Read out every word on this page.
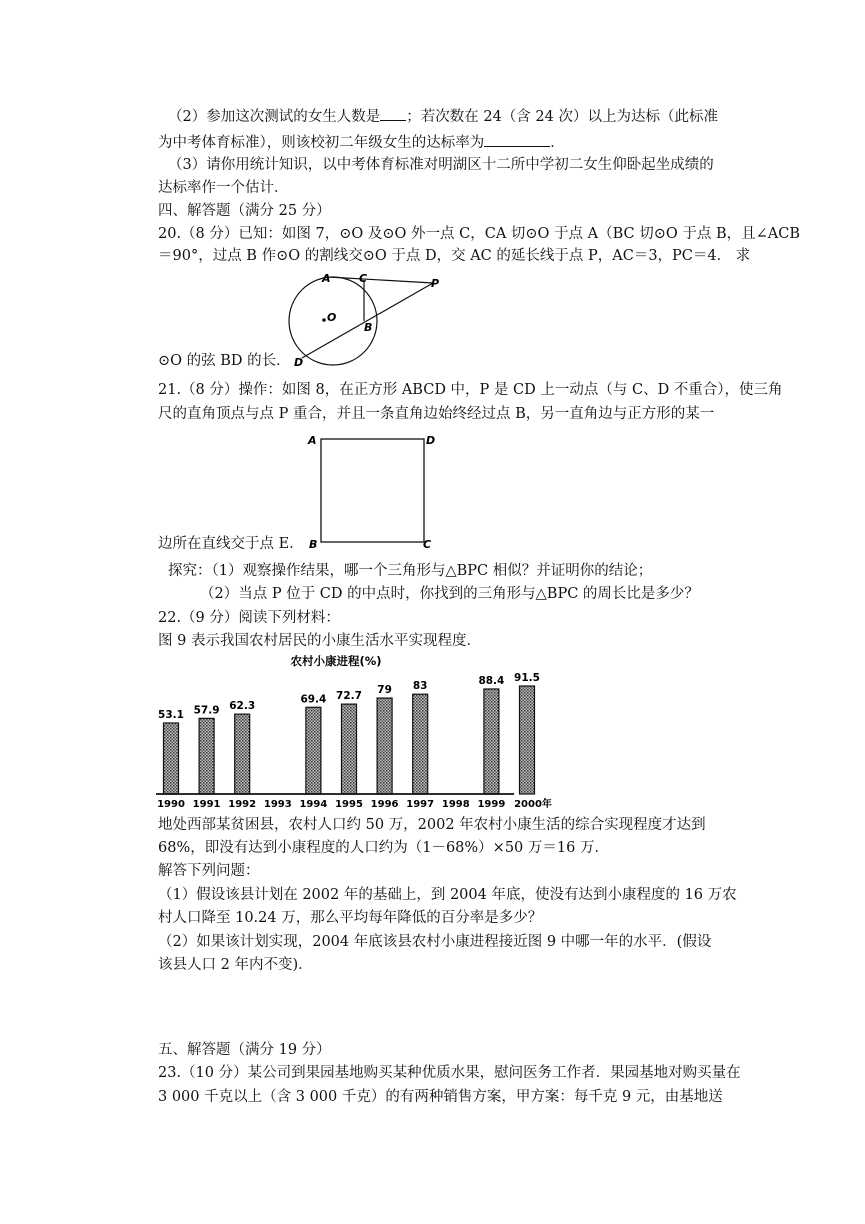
（2）参加这次测试的女生人数是 ；若次数在 24（含 24 次）以上为达标（此标准
为中考体育标准），则该校初二年级女生的达标率为	．
（3）请你用统计知识，以中考体育标准对明湖区十二所中学初二女生仰卧起坐成绩的
达标率作一个估计．
四、解答题（满分 25 分）
20.（8 分）已知：如图 7，⊙O 及⊙O 外一点 C，CA 切⊙O 于点 A（BC 切⊙O 于点 B，且∠ACB
＝90°，过点 B 作⊙O 的割线交⊙O 于点 D，交 AC 的延长线于点 P，AC＝3，PC＝4． 求
A	C	P
O
B
D
⊙O 的弦 BD 的长．
21.（8 分）操作：如图 8，在正方形 ABCD 中，P 是 CD 上一动点（与 C、D 不重合），使三角
尺的直角顶点与点 P 重合，并且一条直角边始终经过点 B，另一直角边与正方形的某一
A	D
B	C
边所在直线交于点 E．
探究：（1）观察操作结果，哪一个三角形与△BPC 相似？并证明你的结论；
（2）当点 P 位于 CD 的中点时，你找到的三角形与△BPC 的周长比是多少？
22.（9 分）阅读下列材料：
图 9 表示我国农村居民的小康生活水平实现程度．
农村小康进程(%)
53.1 57.9 62.3
69.4 72.7
79 83	88.4 91.5
1990 1991 1992 1993 1994 1995 1996 1997 1998 1999 2000年
地处西部某贫困县，农村人口约 50 万，2002 年农村小康生活的综合实现程度才达到
68%，即没有达到小康程度的人口约为（1－68%）×50 万＝16 万．
解答下列问题：
（1）假设该县计划在 2002 年的基础上，到 2004 年底，使没有达到小康程度的 16 万农
村人口降至 10.24 万，那么平均每年降低的百分率是多少？
（2）如果该计划实现，2004 年底该县农村小康进程接近图 9 中哪一年的水平．(假设
该县人口 2 年内不变)．
五、解答题（满分 19 分）
23.（10 分）某公司到果园基地购买某种优质水果，慰问医务工作者．果园基地对购买量在
3 000 千克以上（含 3 000 千克）的有两种销售方案，甲方案：每千克 9 元，由基地送
